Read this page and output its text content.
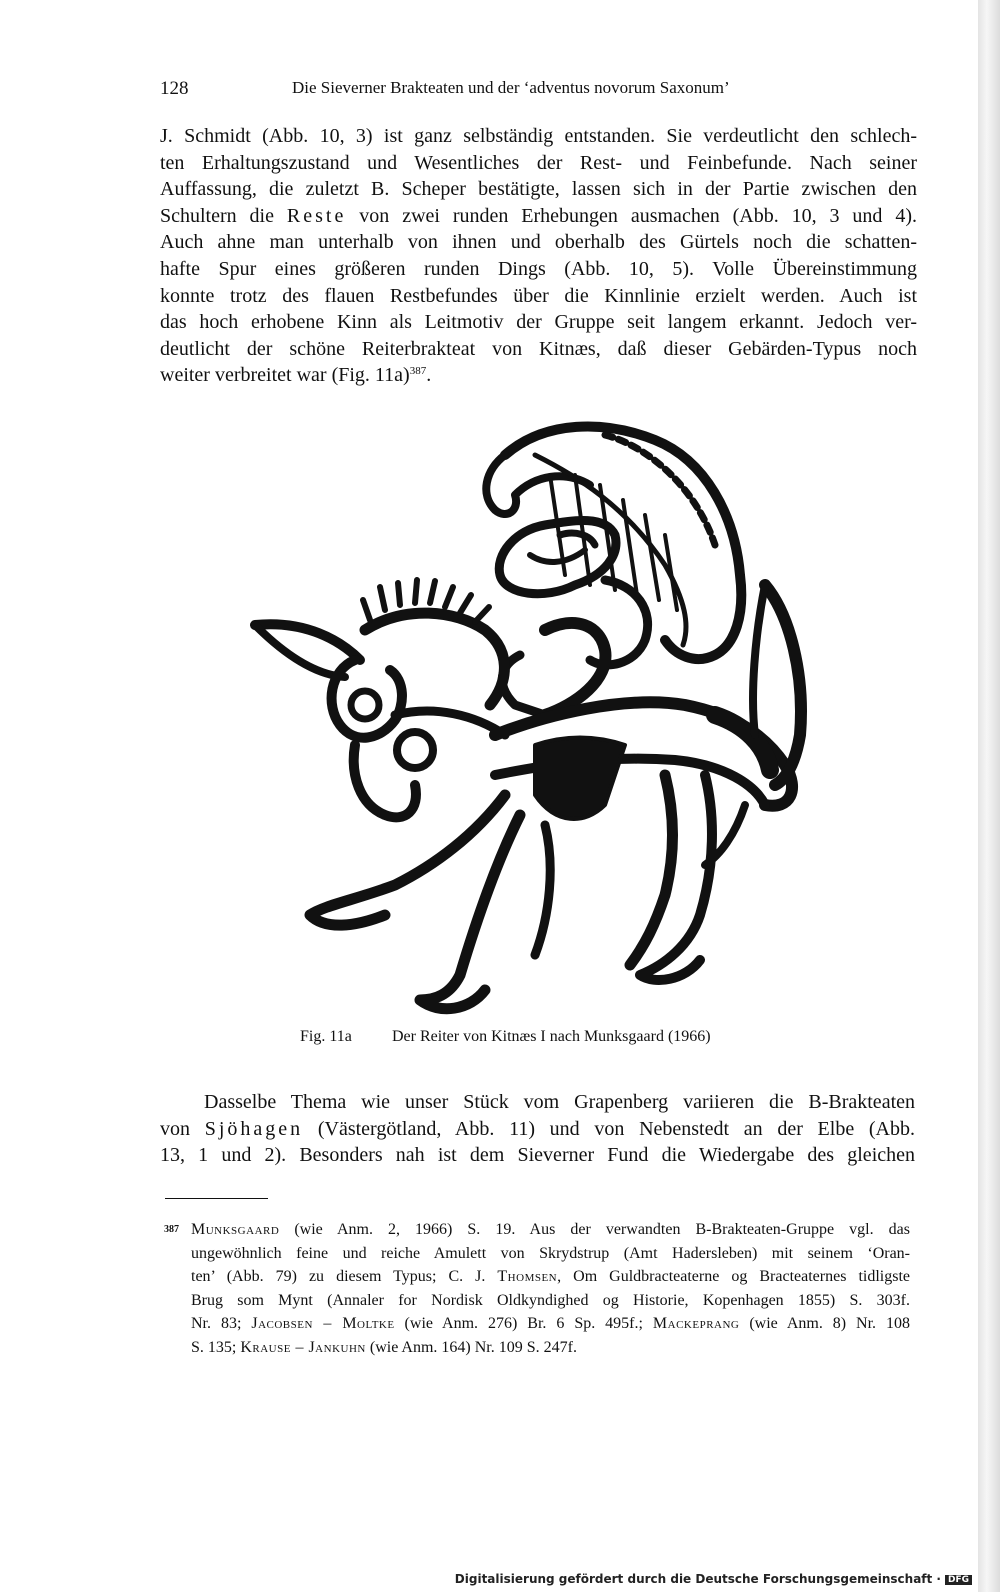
128	Die Sieverner Brakteaten und der ‘adventus novorum Saxonum’
J. Schmidt (Abb. 10, 3) ist ganz selbständig entstanden. Sie verdeutlicht den schlech-
ten Erhaltungszustand und Wesentliches der Rest- und Feinbefunde. Nach seiner
Auffassung, die zuletzt B. Scheper bestätigte, lassen sich in der Partie zwischen den
Schultern die Reste von zwei runden Erhebungen ausmachen (Abb. 10, 3 und 4).
Auch ahne man unterhalb von ihnen und oberhalb des Gürtels noch die schatten-
hafte Spur eines größeren runden Dings (Abb. 10, 5). Volle Übereinstimmung
konnte trotz des flauen Restbefundes über die Kinnlinie erzielt werden. Auch ist
das hoch erhobene Kinn als Leitmotiv der Gruppe seit langem erkannt. Jedoch ver-
deutlicht der schöne Reiterbrakteat von Kitnæs, daß dieser Gebärden-Typus noch
weiter verbreitet war (Fig. 11a)$^{387}$.
Fig. 11a	Der Reiter von Kitnæs I nach Munksgaard (1966)
Dasselbe Thema wie unser Stück vom Grapenberg variieren die B-Brakteaten
von Sjöhagen (Västergötland, Abb. 11) und von Nebenstedt an der Elbe (Abb.
13, 1 und 2). Besonders nah ist dem Sieverner Fund die Wiedergabe des gleichen
387 Munksgaard (wie Anm. 2, 1966) S. 19. Aus der verwandten B-Brakteaten-Gruppe vgl. das
ungewöhnlich feine und reiche Amulett von Skrydstrup (Amt Hadersleben) mit seinem ‘Oran-
ten’ (Abb. 79) zu diesem Typus; C. J. Thomsen, Om Guldbracteaterne og Bracteaternes tidligste
Brug som Mynt (Annaler for Nordisk Oldkyndighed og Historie, Kopenhagen 1855) S. 303f.
Nr. 83; Jacobsen – Moltke (wie Anm. 276) Br. 6 Sp. 495f.; Mackeprang (wie Anm. 8) Nr. 108
S. 135; Krause – Jankuhn (wie Anm. 164) Nr. 109 S. 247f.
Digitalisierung gefördert durch die Deutsche Forschungsgemeinschaft · DFG
